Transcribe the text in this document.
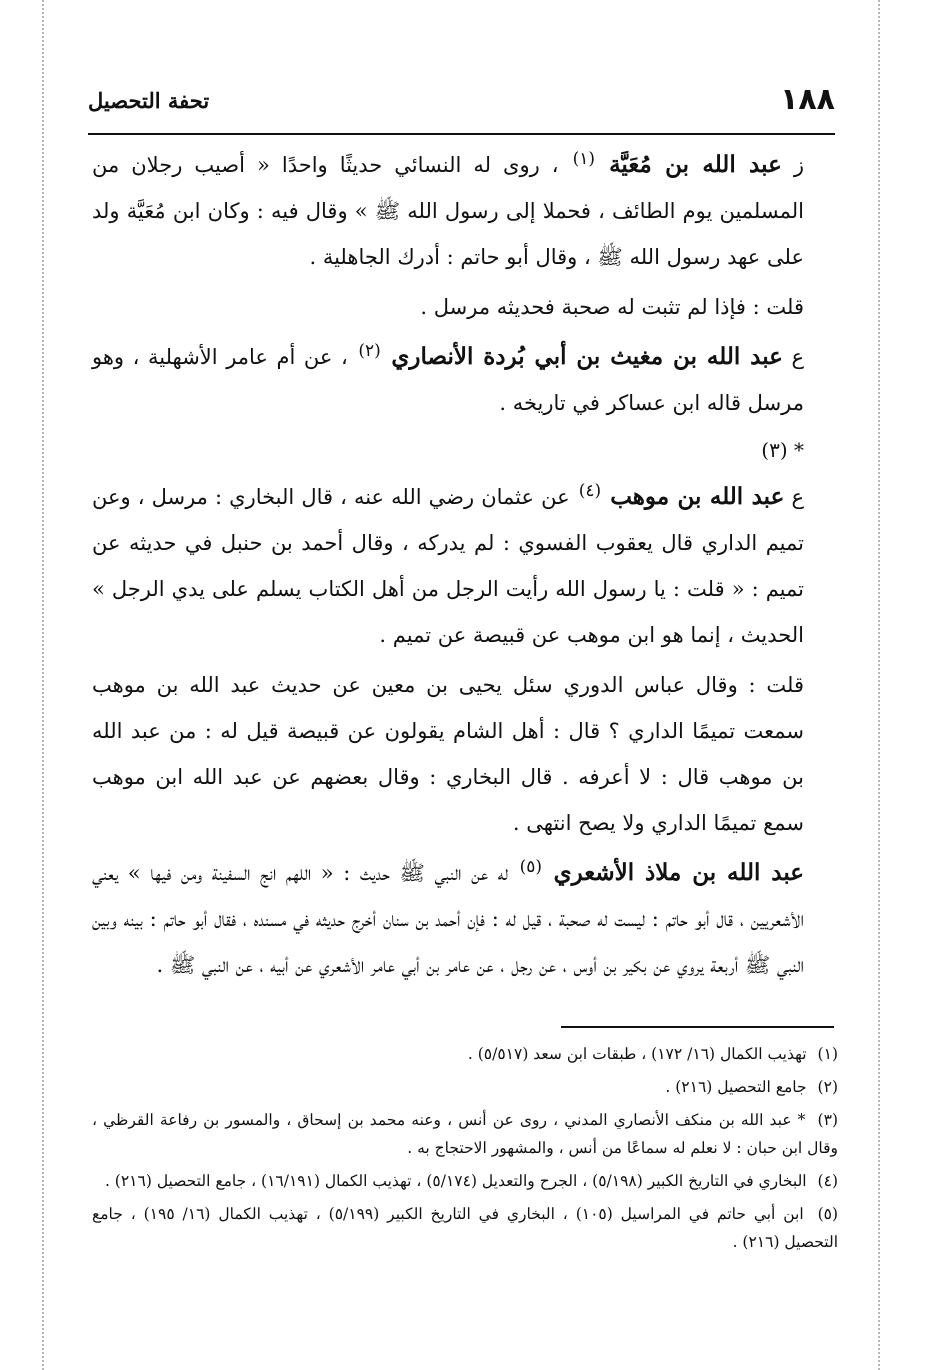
١٨٨
تحفة التحصيل

ز عبد الله بن مُعَيَّة $^{(١)}$ ، روى له النسائي حديثًا واحدًا « أصيب رجلان من المسلمين يوم الطائف ، فحملا إلى رسول الله ﷺ » وقال فيه : وكان ابن مُعَيَّة ولد على عهد رسول الله ﷺ ، وقال أبو حاتم : أدرك الجاهلية .

قلت : فإذا لم تثبت له صحبة فحديثه مرسل .

ع عبد الله بن مغيث بن أبي بُردة الأنصاري $^{(٢)}$ ، عن أم عامر الأشهلية ، وهو مرسل قاله ابن عساكر في تاريخه .

* (٣)

ع عبد الله بن موهب $^{(٤)}$ عن عثمان رضي الله عنه ، قال البخاري : مرسل ، وعن تميم الداري قال يعقوب الفسوي : لم يدركه ، وقال أحمد بن حنبل في حديثه عن تميم : « قلت : يا رسول الله رأيت الرجل من أهل الكتاب يسلم على يدي الرجل » الحديث ، إنما هو ابن موهب عن قبيصة عن تميم .

قلت : وقال عباس الدوري سئل يحيى بن معين عن حديث عبد الله بن موهب سمعت تميمًا الداري ؟ قال : أهل الشام يقولون عن قبيصة قيل له : من عبد الله بن موهب قال : لا أعرفه . قال البخاري : وقال بعضهم عن عبد الله ابن موهب سمع تميمًا الداري ولا يصح انتهى .

عبد الله بن ملاذ الأشعري $^{(٥)}$ له عن النبي ﷺ حديث : « اللهم انج السفينة ومن فيها » يعني الأشعريين ، قال أبو حاتم : ليست له صحبة ، قيل له : فإن أحمد بن سنان أخرج حديثه في مسنده ، فقال أبو حاتم : بينه وبين النبي ﷺ أربعة يروي عن بكير بن أوس ، عن رجل ، عن عامر بن أبي عامر الأشعري عن أبيه ، عن النبي ﷺ .

(١) تهذيب الكمال (١٦/ ١٧٢) ، طبقات ابن سعد (٥/٥١٧) .

(٢) جامع التحصيل (٢١٦) .

(٣) * عبد الله بن منكف الأنصاري المدني ، روى عن أنس ، وعنه محمد بن إسحاق ، والمسور بن رفاعة القرظي ، وقال ابن حبان : لا نعلم له سماعًا من أنس ، والمشهور الاحتجاج به .

(٤) البخاري في التاريخ الكبير (٥/١٩٨) ، الجرح والتعديل (٥/١٧٤) ، تهذيب الكمال (١٦/١٩١) ، جامع التحصيل (٢١٦) .

(٥) ابن أبي حاتم في المراسيل (١٠٥) ، البخاري في التاريخ الكبير (٥/١٩٩) ، تهذيب الكمال (١٦/ ١٩٥) ، جامع التحصيل (٢١٦) .
